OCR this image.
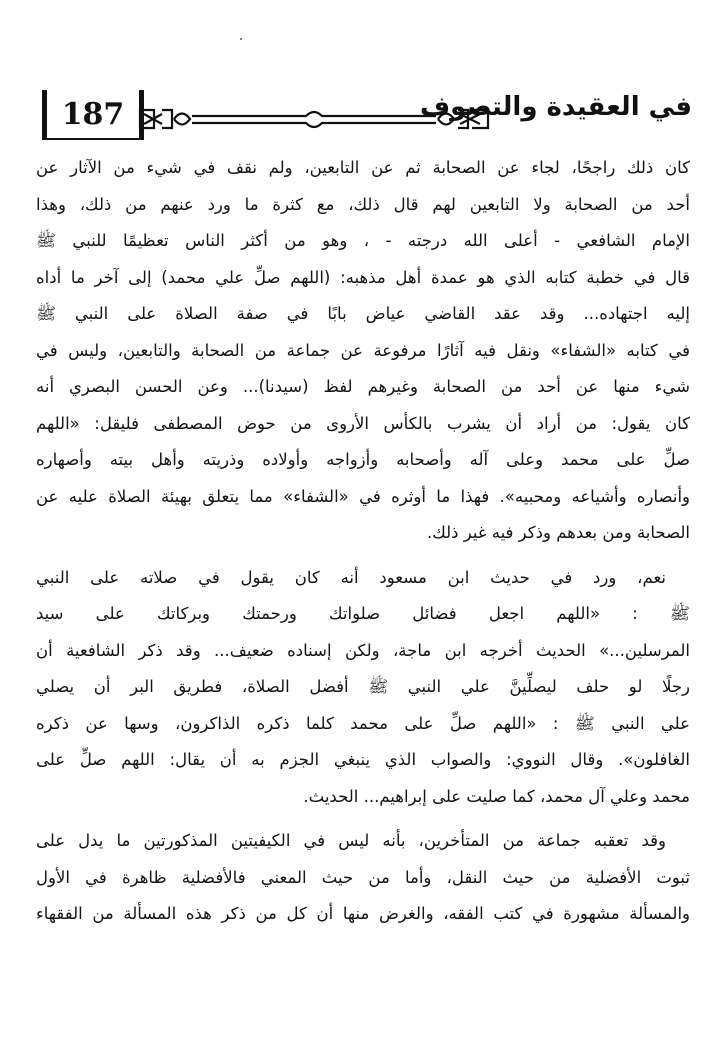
187	في العقيدة والتصوف
كان ذلك راجحًا، لجاء عن الصحابة ثم عن التابعين، ولم نقف في شيء من الآثار عن
أحد من الصحابة ولا التابعين لهم قال ذلك، مع كثرة ما ورد عنهم من ذلك، وهذا
الإمام الشافعي - أعلى الله درجته - ، وهو من أكثر الناس تعظيمًا للنبي ﷺ
قال في خطبة كتابه الذي هو عمدة أهل مذهبه: (اللهم صلِّ علي محمد) إلى آخر ما أداه
إليه اجتهاده... وقد عقد القاضي عياض بابًا في صفة الصلاة على النبي ﷺ
في كتابه «الشفاء» ونقل فيه آثارًا مرفوعة عن جماعة من الصحابة والتابعين، وليس في
شيء منها عن أحد من الصحابة وغيرهم لفظ (سيدنا)... وعن الحسن البصري أنه
كان يقول: من أراد أن يشرب بالكأس الأروى من حوض المصطفى فليقل: «اللهم
صلِّ على محمد وعلى آله وأصحابه وأزواجه وأولاده وذريته وأهل بيته وأصهاره
وأنصاره وأشياعه ومحبيه». فهذا ما أوثره في «الشفاء» مما يتعلق بهيئة الصلاة عليه عن
الصحابة ومن بعدهم وذكر فيه غير ذلك.
نعم، ورد في حديث ابن مسعود أنه كان يقول في صلاته على النبي
ﷺ : «اللهم اجعل فضائل صلواتك ورحمتك وبركاتك على سيد
المرسلين...» الحديث أخرجه ابن ماجة، ولكن إسناده ضعيف... وقد ذكر الشافعية أن
رجلًا لو حلف ليصلِّينَّ علي النبي ﷺ أفضل الصلاة، فطريق البر أن يصلي
علي النبي ﷺ : «اللهم صلِّ على محمد كلما ذكره الذاكرون، وسها عن ذكره
الغافلون». وقال النووي: والصواب الذي ينبغي الجزم به أن يقال: اللهم صلِّ على
محمد وعلي آل محمد، كما صليت على إبراهيم... الحديث.
وقد تعقبه جماعة من المتأخرين، بأنه ليس في الكيفيتين المذكورتين ما يدل على
ثبوت الأفضلية من حيث النقل، وأما من حيث المعني فالأفضلية ظاهرة في الأول
والمسألة مشهورة في كتب الفقه، والغرض منها أن كل من ذكر هذه المسألة من الفقهاء
